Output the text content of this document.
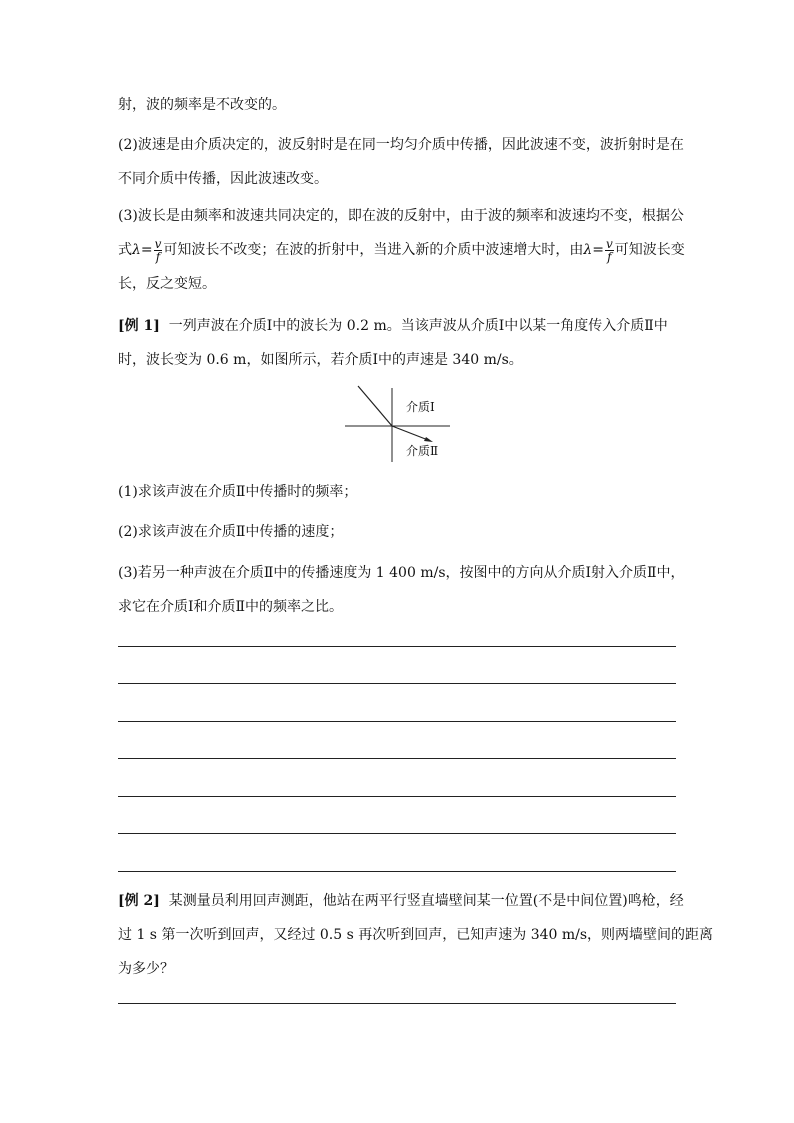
射，波的频率是不改变的。
(2)波速是由介质决定的，波反射时是在同一均匀介质中传播，因此波速不变，波折射时是在
不同介质中传播，因此波速改变。
(3)波长是由频率和波速共同决定的，即在波的反射中，由于波的频率和波速均不变，根据公
式$\lambda= \frac{v}{f}$ 可知波长不改变；在波的折射中，当进入新的介质中波速增大时，由$\lambda= \frac{v}{f}$ 可知波长变
长，反之变短。
[例 1] 一列声波在介质Ⅰ中的波长为 0.2 m。当该声波从介质Ⅰ中以某一角度传入介质Ⅱ中
时，波长变为 0.6 m，如图所示，若介质Ⅰ中的声速是 340 m/s。
介质Ⅰ
介质Ⅱ
(1)求该声波在介质Ⅱ中传播时的频率；
(2)求该声波在介质Ⅱ中传播的速度；
(3)若另一种声波在介质Ⅱ中的传播速度为 1 400 m/s，按图中的方向从介质Ⅰ射入介质Ⅱ中，
求它在介质Ⅰ和介质Ⅱ中的频率之比。
[例 2] 某测量员利用回声测距，他站在两平行竖直墙壁间某一位置(不是中间位置)鸣枪，经
过 1 s 第一次听到回声，又经过 0.5 s 再次听到回声，已知声速为 340 m/s，则两墙壁间的距离
为多少？
